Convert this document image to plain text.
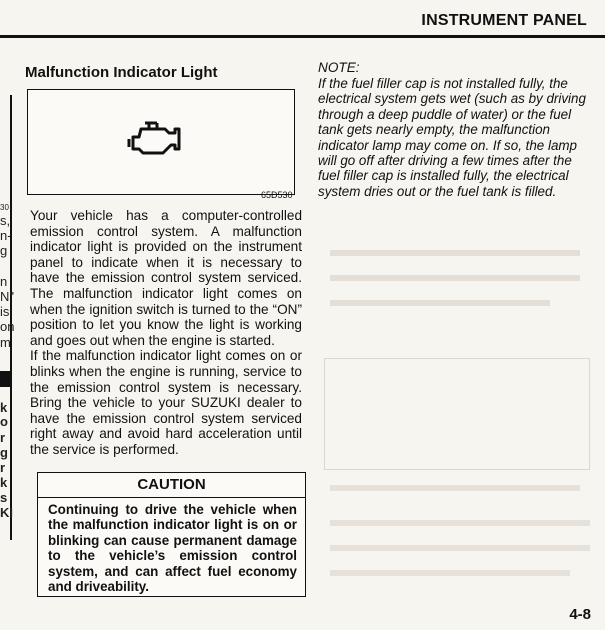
INSTRUMENT PANEL
30
s,
n-
g
n
N"
is
on
m
k
o
r
g
r
k
s
KI
Malfunction Indicator Light
65D530

Your vehicle has a computer-controlled emission control system. A malfunction indicator light is provided on the instrument panel to indicate when it is necessary to have the emission control system serviced. The malfunction indicator light comes on when the ignition switch is turned to the “ON” position to let you know the light is working and goes out when the engine is started.

If the malfunction indicator light comes on or blinks when the engine is running, service to the emission control system is necessary. Bring the vehicle to your SUZUKI dealer to have the emission control system serviced right away and avoid hard acceleration until the service is performed.

CAUTION
Continuing to drive the vehicle when the malfunction indicator light is on or blinking can cause permanent damage to the vehicle’s emission control system, and can affect fuel economy and driveability.
NOTE:

If the fuel filler cap is not installed fully, the electrical system gets wet (such as by driving through a deep puddle of water) or the fuel tank gets nearly empty, the malfunction indicator lamp may come on. If so, the lamp will go off after driving a few times after the fuel filler cap is installed fully, the electrical system dries out or the fuel tank is filled.

4-8
